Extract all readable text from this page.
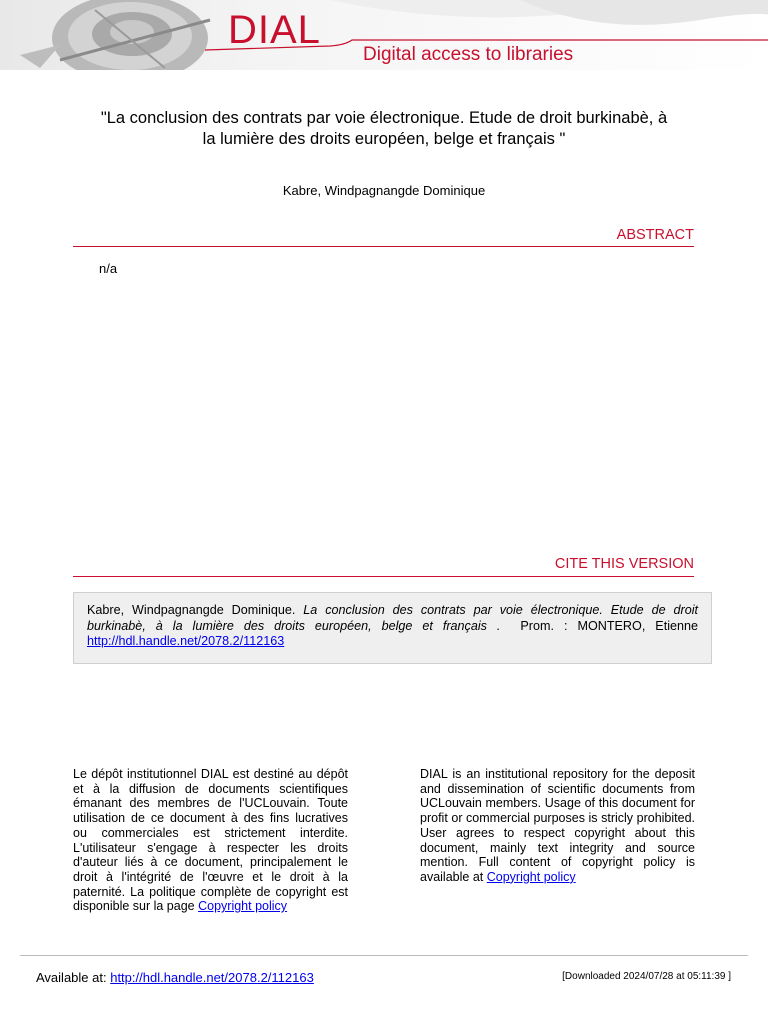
DIAL
Digital access to libraries
"La conclusion des contrats par voie électronique. Etude de droit burkinabè, à la lumière des droits européen, belge et français "
Kabre, Windpagnangde Dominique
ABSTRACT
n/a
CITE THIS VERSION
Kabre, Windpagnangde Dominique. La conclusion des contrats par voie électronique. Etude de droit burkinabè, à la lumière des droits européen, belge et français . Prom. : MONTERO, Etienne http://hdl.handle.net/2078.2/112163
Le dépôt institutionnel DIAL est destiné au dépôt et à la diffusion de documents scientifiques émanant des membres de l'UCLouvain. Toute utilisation de ce document à des fins lucratives ou commerciales est strictement interdite. L'utilisateur s'engage à respecter les droits d'auteur liés à ce document, principalement le droit à l'intégrité de l'œuvre et le droit à la paternité. La politique complète de copyright est disponible sur la page Copyright policy
DIAL is an institutional repository for the deposit and dissemination of scientific documents from UCLouvain members. Usage of this document for profit or commercial purposes is stricly prohibited. User agrees to respect copyright about this document, mainly text integrity and source mention. Full content of copyright policy is available at Copyright policy
Available at: http://hdl.handle.net/2078.2/112163	[Downloaded 2024/07/28 at 05:11:39 ]
